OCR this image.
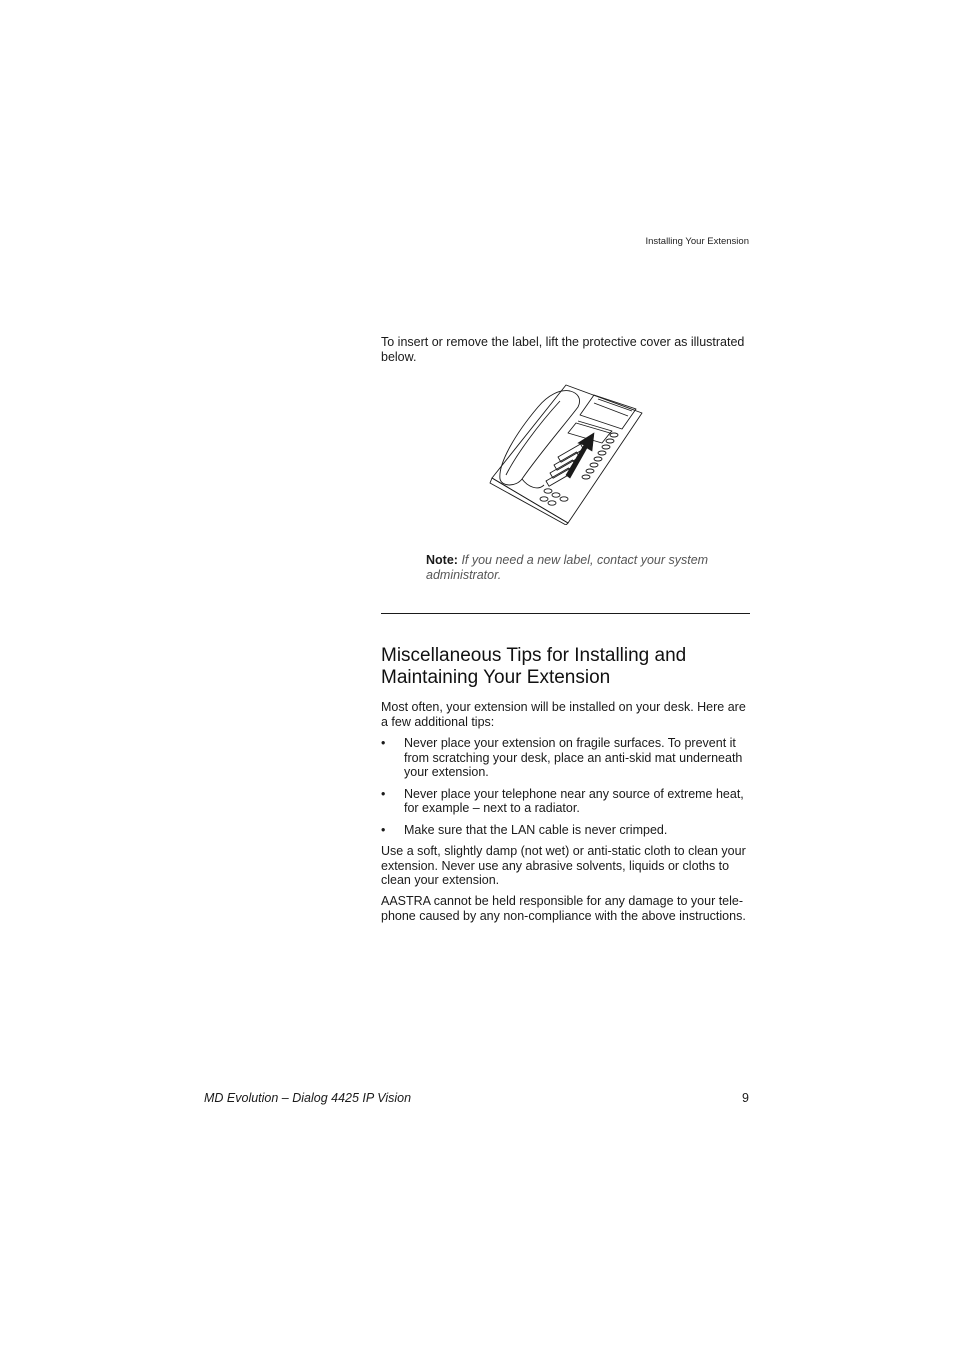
Installing Your Extension

To insert or remove the label, lift the protective cover as illustrated below.

Note: If you need a new label, contact your system administrator.
Miscellaneous Tips for Installing and
Maintaining Your Extension

Most often, your extension will be installed on your desk. Here are a few additional tips:

• Never place your extension on fragile surfaces. To prevent it from scratching your desk, place an anti-skid mat underneath your extension.
• Never place your telephone near any source of extreme heat, for example – next to a radiator.
• Make sure that the LAN cable is never crimped.

Use a soft, slightly damp (not wet) or anti-static cloth to clean your extension. Never use any abrasive solvents, liquids or cloths to clean your extension.

AASTRA cannot be held responsible for any damage to your tele-phone caused by any non-compliance with the above instructions.

MD Evolution – Dialog 4425 IP Vision	9
